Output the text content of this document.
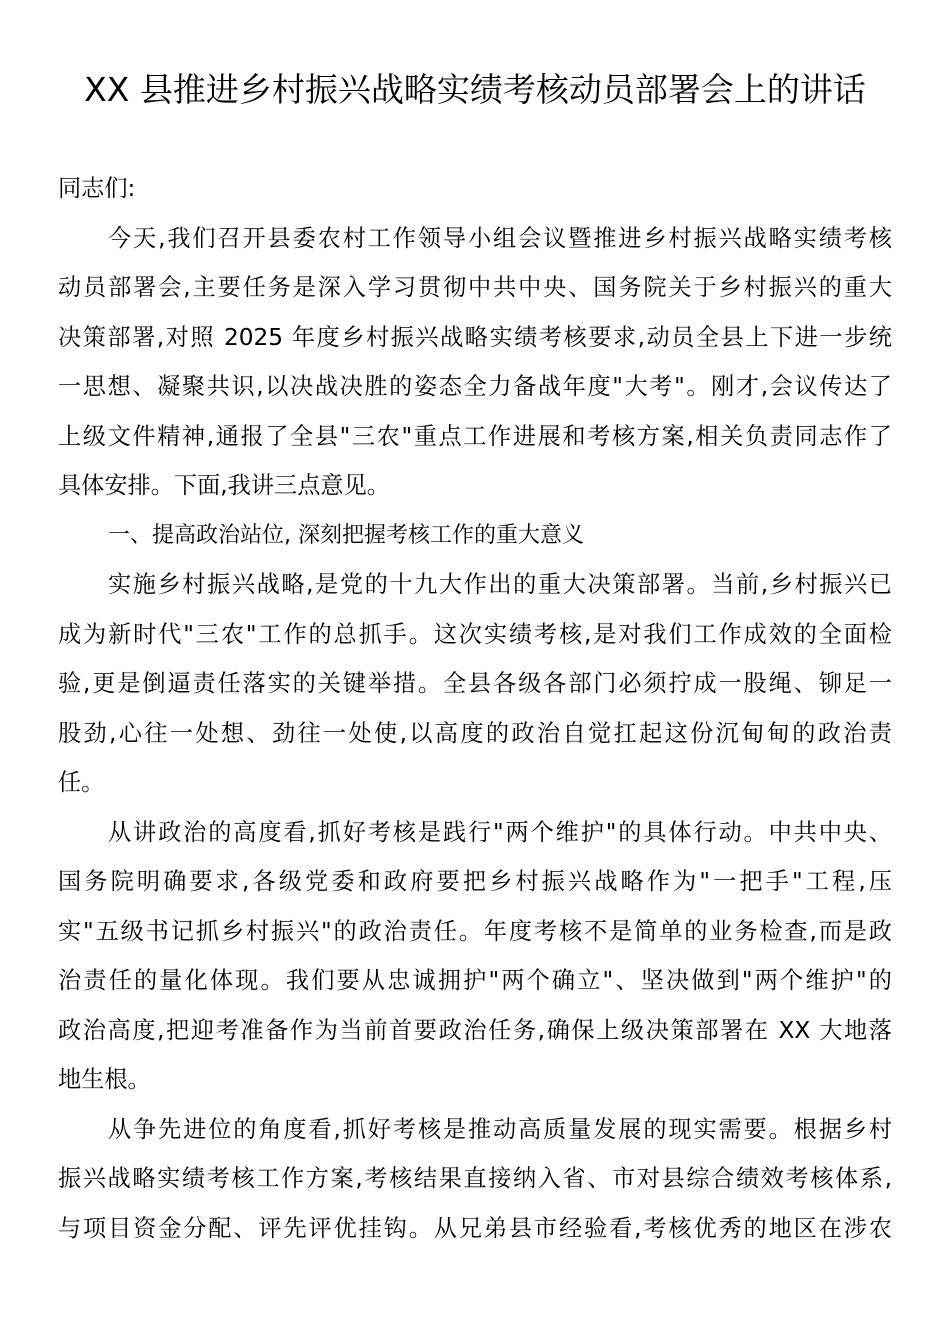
XX 县推进乡村振兴战略实绩考核动员部署会上的讲话
同志们:
今天,我们召开县委农村工作领导小组会议暨推进乡村振兴战略实绩考核
动员部署会,主要任务是深入学习贯彻中共中央、国务院关于乡村振兴的重大
决策部署,对照 2025 年度乡村振兴战略实绩考核要求,动员全县上下进一步统
一思想、凝聚共识,以决战决胜的姿态全力备战年度"大考"。刚才,会议传达了
上级文件精神,通报了全县"三农"重点工作进展和考核方案,相关负责同志作了
具体安排。下面,我讲三点意见。
一、提高政治站位, 深刻把握考核工作的重大意义
实施乡村振兴战略,是党的十九大作出的重大决策部署。当前,乡村振兴已
成为新时代"三农"工作的总抓手。这次实绩考核,是对我们工作成效的全面检
验,更是倒逼责任落实的关键举措。全县各级各部门必须拧成一股绳、铆足一
股劲,心往一处想、劲往一处使,以高度的政治自觉扛起这份沉甸甸的政治责
任。
从讲政治的高度看,抓好考核是践行"两个维护"的具体行动。中共中央、
国务院明确要求,各级党委和政府要把乡村振兴战略作为"一把手"工程,压
实"五级书记抓乡村振兴"的政治责任。年度考核不是简单的业务检查,而是政
治责任的量化体现。我们要从忠诚拥护"两个确立"、坚决做到"两个维护"的
政治高度,把迎考准备作为当前首要政治任务,确保上级决策部署在 XX 大地落
地生根。
从争先进位的角度看,抓好考核是推动高质量发展的现实需要。根据乡村
振兴战略实绩考核工作方案,考核结果直接纳入省、市对县综合绩效考核体系,
与项目资金分配、评先评优挂钩。从兄弟县市经验看,考核优秀的地区在涉农
